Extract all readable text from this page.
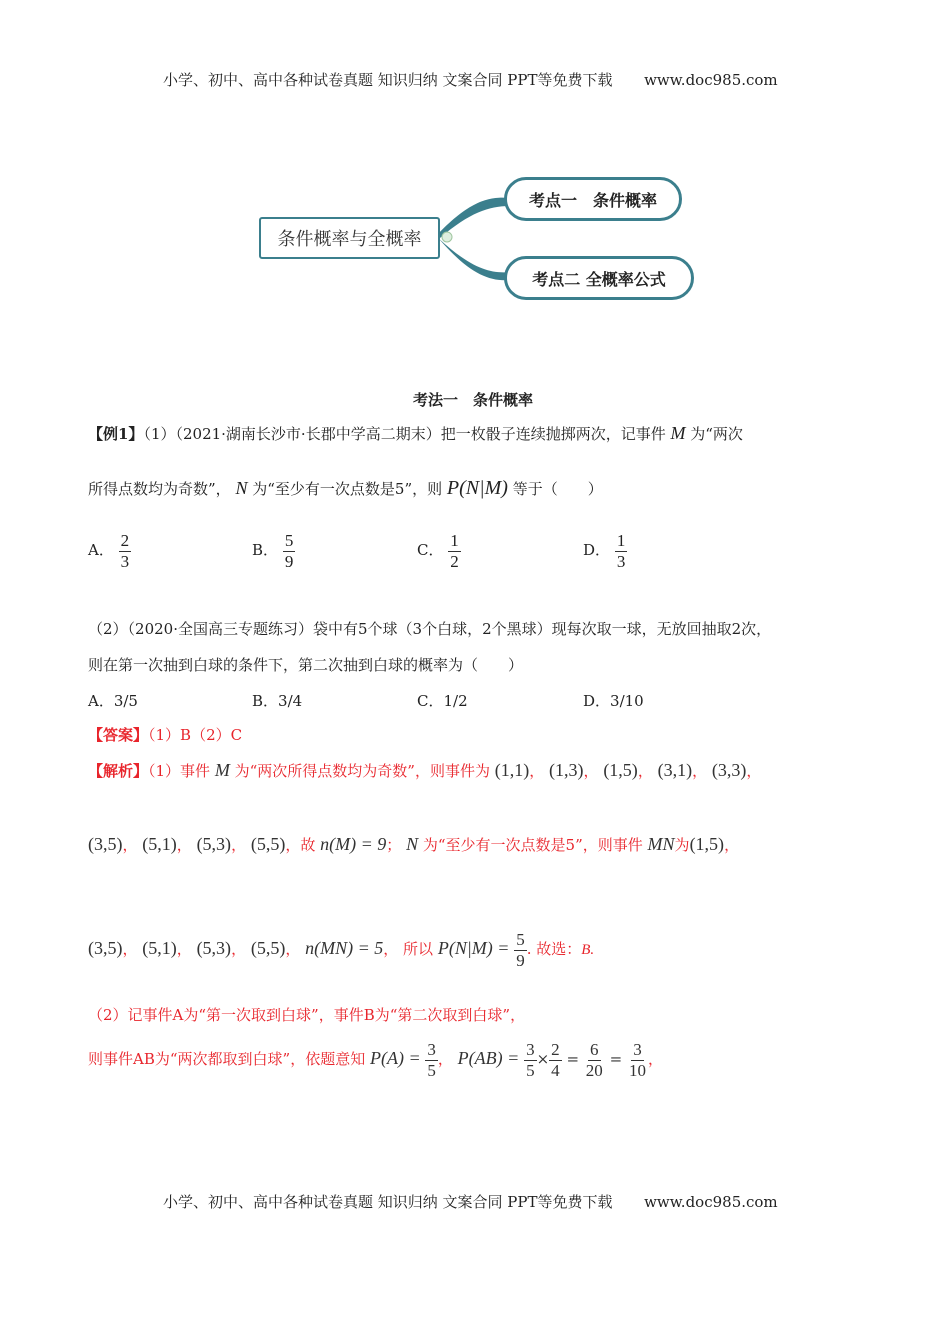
小学、初中、高中各种试卷真题 知识归纳 文案合同 PPT等免费下载 www.doc985.com
条件概率与全概率
考点一　条件概率
考点二 全概率公式
考法一　条件概率
【例1】（1）（2021·湖南长沙市·长郡中学高二期末）把一枚骰子连续抛掷两次，记事件 M 为“两次
所得点数均为奇数”， N 为“至少有一次点数是5”，则 P(N|M) 等于（　　）
A． $\frac{2}{3}$	B． $\frac{5}{9}$	C． $\frac{1}{2}$	D． $\frac{1}{3}$
（2）（2020·全国高三专题练习）袋中有5个球（3个白球，2个黑球）现每次取一球，无放回抽取2次，
则在第一次抽到白球的条件下，第二次抽到白球的概率为（　　）
A．3/5	B．3/4	C．1/2	D．3/10
【答案】（1）B（2）C
【解析】（1）事件 M 为“两次所得点数均为奇数”，则事件为 (1,1)， (1,3)， (1,5)， (3,1)， (3,3)，
(3,5)， (5,1)， (5,3)， (5,5)，故 n(M) = 9； N 为“至少有一次点数是5”，则事件 MN为(1,5)，
(3,5)， (5,1)， (5,3)， (5,5)， n(MN) = 5， 所以 $P(N|M) = \frac{5}{9}$ . 故选：B.
（2）记事件A为“第一次取到白球”，事件B为“第二次取到白球”，
则事件AB为“两次都取到白球”，依题意知 $P(A) = \frac{3}{5}$ ， $P(AB) = \frac{3}{5} \times \frac{2}{4} = \frac{6}{20} = \frac{3}{10}$ ，
小学、初中、高中各种试卷真题 知识归纳 文案合同 PPT等免费下载 www.doc985.com
